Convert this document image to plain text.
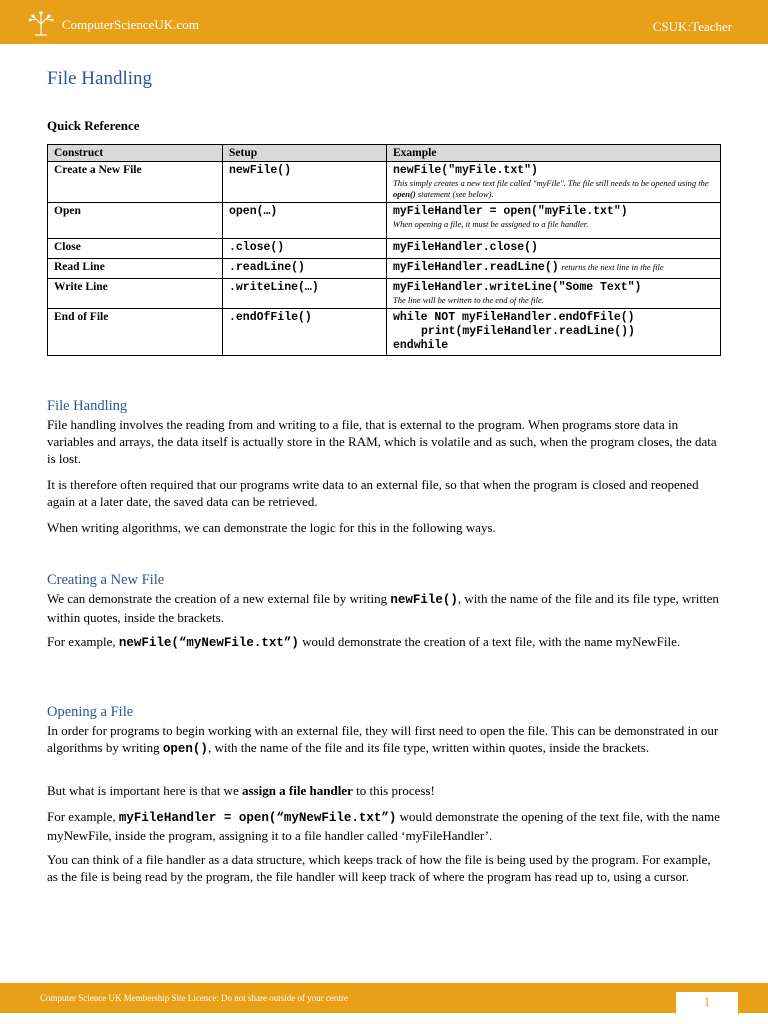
ComputerScienceUK.com	CSUK:Teacher
File Handling
Quick Reference
Construct	Setup	Example
Create a New File	newFile()	newFile("myFile.txt")
This simply creates a new text file called "myFile". The file still needs to be opened using the open() statement (see below).

Open	open(…)	myFileHandler = open("myFile.txt")
When opening a file, it must be assigned to a file handler.

Close	.close()	myFileHandler.close()
Read Line	.readLine()	myFileHandler.readLine() returns the next line in the file
Write Line	.writeLine(…)	myFileHandler.writeLine("Some Text")
The line will be written to the end of the file.

End of File	.endOfFile()	while NOT myFileHandler.endOfFile()
print(myFileHandler.readLine())
endwhile
File Handling

File handling involves the reading from and writing to a file, that is external to the program. When programs store data in variables and arrays, the data itself is actually store in the RAM, which is volatile and as such, when the program closes, the data is lost.

It is therefore often required that our programs write data to an external file, so that when the program is closed and reopened again at a later date, the saved data can be retrieved.

When writing algorithms, we can demonstrate the logic for this in the following ways.

Creating a New File

We can demonstrate the creation of a new external file by writing newFile(), with the name of the file and its file type, written within quotes, inside the brackets.

For example, newFile(“myNewFile.txt”) would demonstrate the creation of a text file, with the name myNewFile.

Opening a File

In order for programs to begin working with an external file, they will first need to open the file. This can be demonstrated in our algorithms by writing open(), with the name of the file and its file type, written within quotes, inside the brackets.

But what is important here is that we assign a file handler to this process!

For example, myFileHandler = open(“myNewFile.txt”) would demonstrate the opening of the text file, with the name myNewFile, inside the program, assigning it to a file handler called ‘myFileHandler’.

You can think of a file handler as a data structure, which keeps track of how the file is being used by the program. For example, as the file is being read by the program, the file handler will keep track of where the program has read up to, using a cursor.

Computer Science UK Membership Site Licence: Do not share outside of your centre	1
